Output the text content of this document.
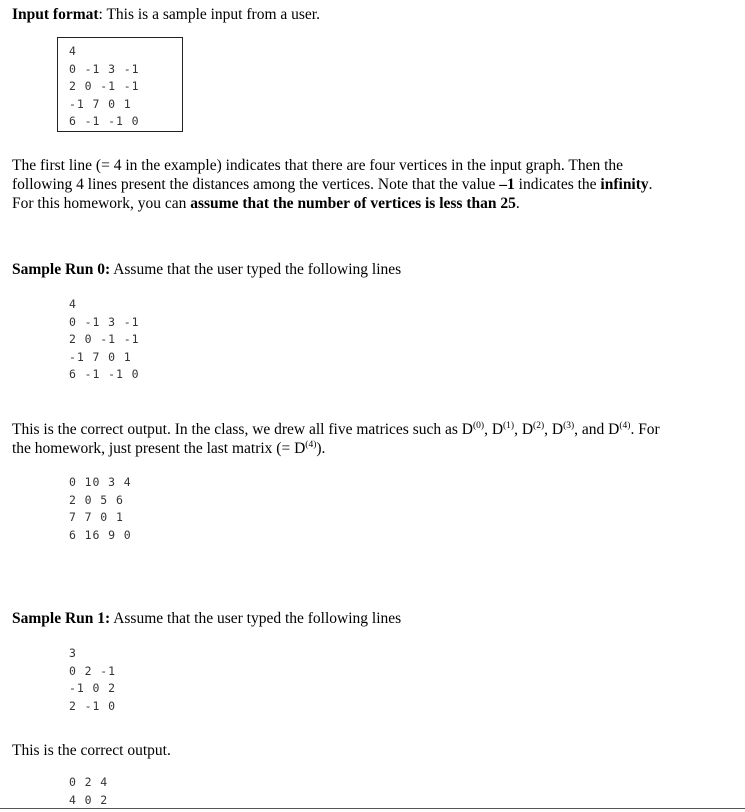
Input format: This is a sample input from a user.
4
0 -1 3 -1
2 0 -1 -1
-1 7 0 1
6 -1 -1 0
The first line (= 4 in the example) indicates that there are four vertices in the input graph. Then the
following 4 lines present the distances among the vertices. Note that the value –1 indicates the infinity.
For this homework, you can assume that the number of vertices is less than 25.
Sample Run 0: Assume that the user typed the following lines
4
0 -1 3 -1
2 0 -1 -1
-1 7 0 1
6 -1 -1 0
This is the correct output. In the class, we drew all five matrices such as $D^{(0)}$, $D^{(1)}$, $D^{(2)}$, $D^{(3)}$, and $D^{(4)}$. For
the homework, just present the last matrix (= $D^{(4)}$).
0 10 3 4
2 0 5 6
7 7 0 1
6 16 9 0
Sample Run 1: Assume that the user typed the following lines
3
0 2 -1
-1 0 2
2 -1 0
This is the correct output.
0 2 4
4 0 2
